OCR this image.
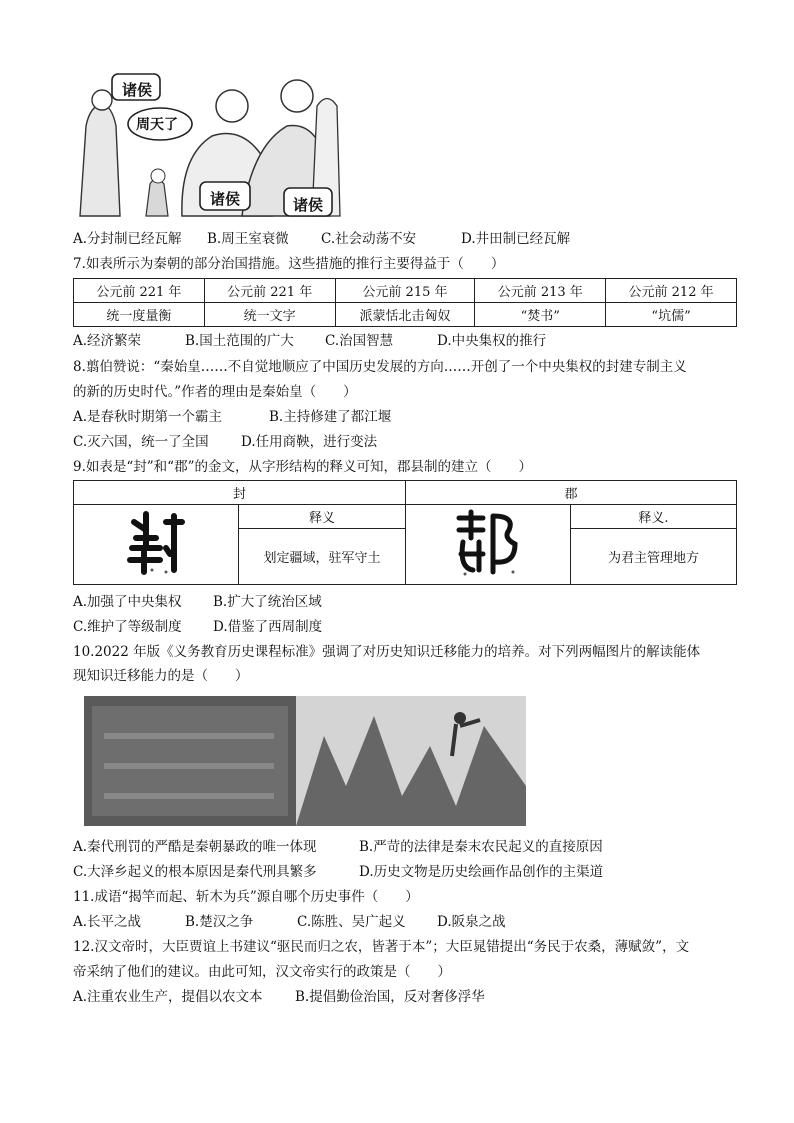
诸侯
周天了
诸侯	诸侯
A.分封制已经瓦解 B.周王室衰微 C.社会动荡不安	D.井田制已经瓦解
7.如表所示为秦朝的部分治国措施。这些措施的推行主要得益于（　　）
公元前 221 年	公元前 221 年	公元前 215 年	公元前 213 年	公元前 212 年
统一度量衡	统一文字	派蒙恬北击匈奴	“焚书”	“坑儒”
A.经济繁荣	B.国土范围的广大 C.治国智慧	D.中央集权的推行
8.翦伯赞说：“秦始皇……不自觉地顺应了中国历史发展的方向……开创了一个中央集权的封建专制主义
的新的历史时代。”作者的理由是秦始皇（　　）
A.是春秋时期第一个霸主	B.主持修建了都江堰
C.灭六国，统一了全国 D.任用商鞅，进行变法
9.如表是“封”和“郡”的金文，从字形结构的释义可知，郡县制的建立（　　）
封		郡	
	释义		释义.
	划定疆域，驻军守土		为君主管理地方
A.加强了中央集权 B.扩大了统治区域
C.维护了等级制度 D.借鉴了西周制度
10.2022 年版《义务教育历史课程标准》强调了对历史知识迁移能力的培养。对下列两幅图片的解读能体
现知识迁移能力的是（　　）
A.秦代刑罚的严酷是秦朝暴政的唯一体现	B.严苛的法律是秦末农民起义的直接原因
C.大泽乡起义的根本原因是秦代刑具繁多	D.历史文物是历史绘画作品创作的主渠道
11.成语“揭竿而起、斩木为兵”源自哪个历史事件（　　）
A.长平之战	B.楚汉之争	C.陈胜、吴广起义 D.阪泉之战
12.汉文帝时，大臣贾谊上书建议“驱民而归之农，皆著于本”；大臣晁错提出“务民于农桑，薄赋敛”，文
帝采纳了他们的建议。由此可知，汉文帝实行的政策是（　　）
A.注重农业生产，提倡以农文本 B.提倡勤俭治国，反对奢侈浮华
